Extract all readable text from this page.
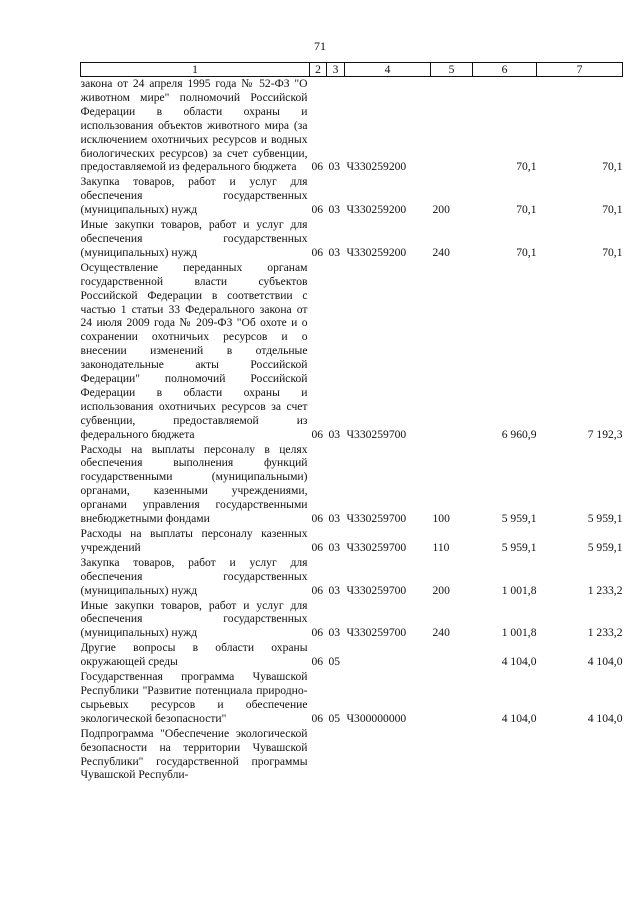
71
1	2	3	4	5	6	7
закона от 24 апреля 1995 года № 52-ФЗ "О животном мире" полномочий Российской Федерации в области охраны и использования объектов животного мира (за исключением охотничьих ресурсов и водных биологических ресурсов) за счет субвенции, предоставляемой из федерального бюджета	06	03	Ч330259200		70,1	70,1
Закупка товаров, работ и услуг для обеспечения государственных (муниципальных) нужд	06	03	Ч330259200	200	70,1	70,1
Иные закупки товаров, работ и услуг для обеспечения государственных (муниципальных) нужд	06	03	Ч330259200	240	70,1	70,1
Осуществление переданных органам государственной власти субъектов Российской Федерации в соответствии с частью 1 статьи 33 Федерального закона от 24 июля 2009 года № 209-ФЗ "Об охоте и о сохранении охотничьих ресурсов и о внесении изменений в отдельные законодательные акты Российской Федерации" полномочий Российской Федерации в области охраны и использования охотничьих ресурсов за счет субвенции, предоставляемой из федерального бюджета	06	03	Ч330259700		6 960,9	7 192,3
Расходы на выплаты персоналу в целях обеспечения выполнения функций государственными (муниципальными) органами, казенными учреждениями, органами управления государственными внебюджетными фондами	06	03	Ч330259700	100	5 959,1	5 959,1
Расходы на выплаты персоналу казенных учреждений	06	03	Ч330259700	110	5 959,1	5 959,1
Закупка товаров, работ и услуг для обеспечения государственных (муниципальных) нужд	06	03	Ч330259700	200	1 001,8	1 233,2
Иные закупки товаров, работ и услуг для обеспечения государственных (муниципальных) нужд	06	03	Ч330259700	240	1 001,8	1 233,2
Другие вопросы в области охраны окружающей среды	06	05			4 104,0	4 104,0
Государственная программа Чувашской Республики "Развитие потенциала природно-сырьевых ресурсов и обеспечение экологической безопасности"	06	05	Ч300000000		4 104,0	4 104,0
Подпрограмма "Обеспечение экологической безопасности на территории Чувашской Республики" государственной программы Чувашской Республи-						
